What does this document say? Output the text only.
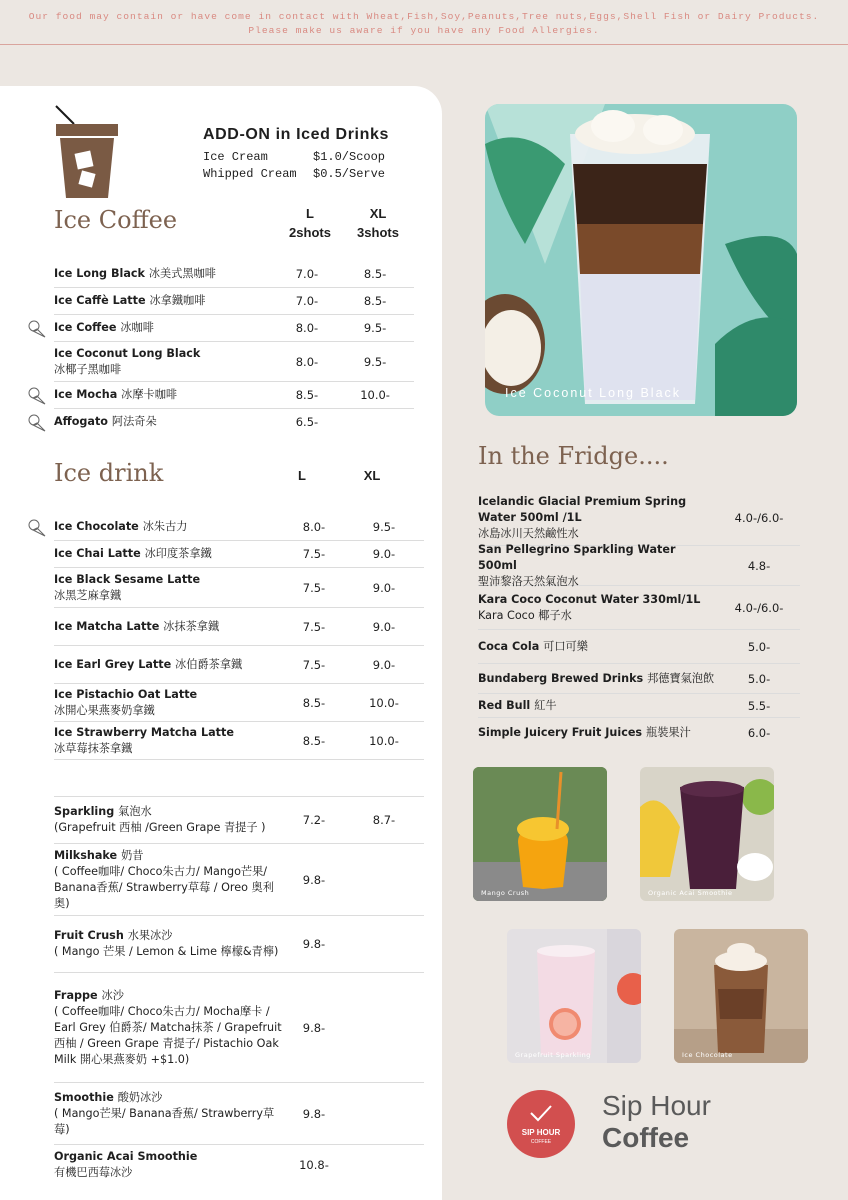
Our food may contain or have come in contact with Wheat,Fish,Soy,Peanuts,Tree nuts,Eggs,Shell Fish or Dairy Products.
Please make us aware if you have any Food Allergies.
ADD-ON in Iced Drinks
Ice Cream	$1.0/Scoop
Whipped Cream	$0.5/Serve
Ice Coffee	L
2shots
XL
3shots
Ice Long Black 冰美式黑咖啡	7.0-	8.5-
Ice Caffè Latte 冰拿鐵咖啡	7.0-	8.5-
Ice Coffee 冰咖啡	8.0-	9.5-
Ice Coconut Long Black
冰椰子黑咖啡
8.0-	9.5-
Ice Mocha 冰摩卡咖啡	8.5-	10.0-
Affogato 阿法奇朵	6.5-
Ice drink	L	XL
Ice Chocolate 冰朱古力	8.0-	9.5-
Ice Chai Latte 冰印度茶拿鐵	7.5-	9.0-
Ice Black Sesame Latte
冰黑芝麻拿鐵
7.5-	9.0-
Ice Matcha Latte 冰抹茶拿鐵	7.5-	9.0-
Ice Earl Grey Latte 冰伯爵茶拿鐵	7.5-	9.0-
Ice Pistachio Oat Latte
冰開心果燕麥奶拿鐵
8.5-	10.0-
Ice Strawberry Matcha Latte
冰草莓抹茶拿鐵
8.5-	10.0-
Sparkling 氣泡水
(Grapefruit 西柚 /Green Grape 青提子 )
7.2-	8.7-
Milkshake 奶昔
( Coffee咖啡/ Choco朱古力/ Mango芒果/ Banana香蕉/ Strawberry草莓 / Oreo 奥利奥)
9.8-
Fruit Crush 水果冰沙
( Mango 芒果 / Lemon & Lime 檸檬&青檸)
9.8-
Frappe 冰沙
( Coffee咖啡/ Choco朱古力/ Mocha摩卡 / Earl Grey 伯爵茶/ Matcha抹茶 / Grapefruit 西柚 / Green Grape 青提子/ Pistachio Oak Milk 開心果燕麥奶 +$1.0)
9.8-
Smoothie 酸奶冰沙
( Mango芒果/ Banana香蕉/ Strawberry草莓)
9.8-
Organic Acai Smoothie
有機巴西莓冰沙
10.8-
Ice Coconut Long Black
In the Fridge....
Icelandic Glacial Premium Spring Water 500ml /1L
冰島冰川天然鹼性水
4.0-/6.0-
San Pellegrino Sparkling Water 500ml
聖沛黎洛天然氣泡水
4.8-
Kara Coco Coconut Water 330ml/1L
Kara Coco 椰子水
4.0-/6.0-
Coca Cola 可口可樂	5.0-
Bundaberg Brewed Drinks 邦德寶氣泡飲	5.0-
Red Bull 紅牛	5.5-
Simple Juicery Fruit Juices 瓶裝果汁	6.0-
Mango Crush	Organic Acai Smoothie
Grapefruit Sparkling	Ice Chocolate
SIP HOUR
COFFEE
Sip Hour
Coffee
